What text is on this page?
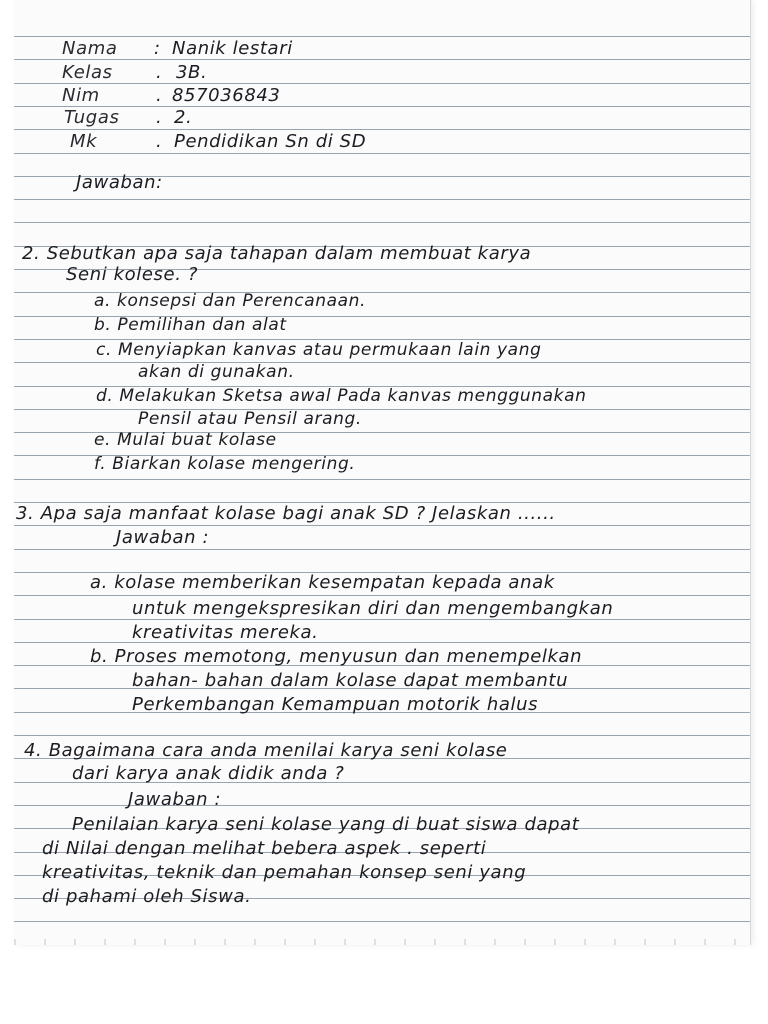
Nama : Nanik lestari
Kelas . 3B.
Nim	. 857036843
Tugas . 2.
Mk	. Pendidikan Sn di SD
Jawaban:
2. Sebutkan apa saja tahapan dalam membuat karya
Seni kolese. ?
a. konsepsi dan Perencanaan.
b. Pemilihan dan alat
c. Menyiapkan kanvas atau permukaan lain yang
akan di gunakan.
d. Melakukan Sketsa awal Pada kanvas menggunakan
Pensil atau Pensil arang.
e. Mulai buat kolase
f. Biarkan kolase mengering.
3. Apa saja manfaat kolase bagi anak SD ? Jelaskan ......
Jawaban :
a. kolase memberikan kesempatan kepada anak
untuk mengekspresikan diri dan mengembangkan
kreativitas mereka.
b. Proses memotong, menyusun dan menempelkan
bahan- bahan dalam kolase dapat membantu
Perkembangan Kemampuan motorik halus
4. Bagaimana cara anda menilai karya seni kolase
dari karya anak didik anda ?
Jawaban :
Penilaian karya seni kolase yang di buat siswa dapat
di Nilai dengan melihat bebera aspek . seperti
kreativitas, teknik dan pemahan konsep seni yang
di pahami oleh Siswa.
